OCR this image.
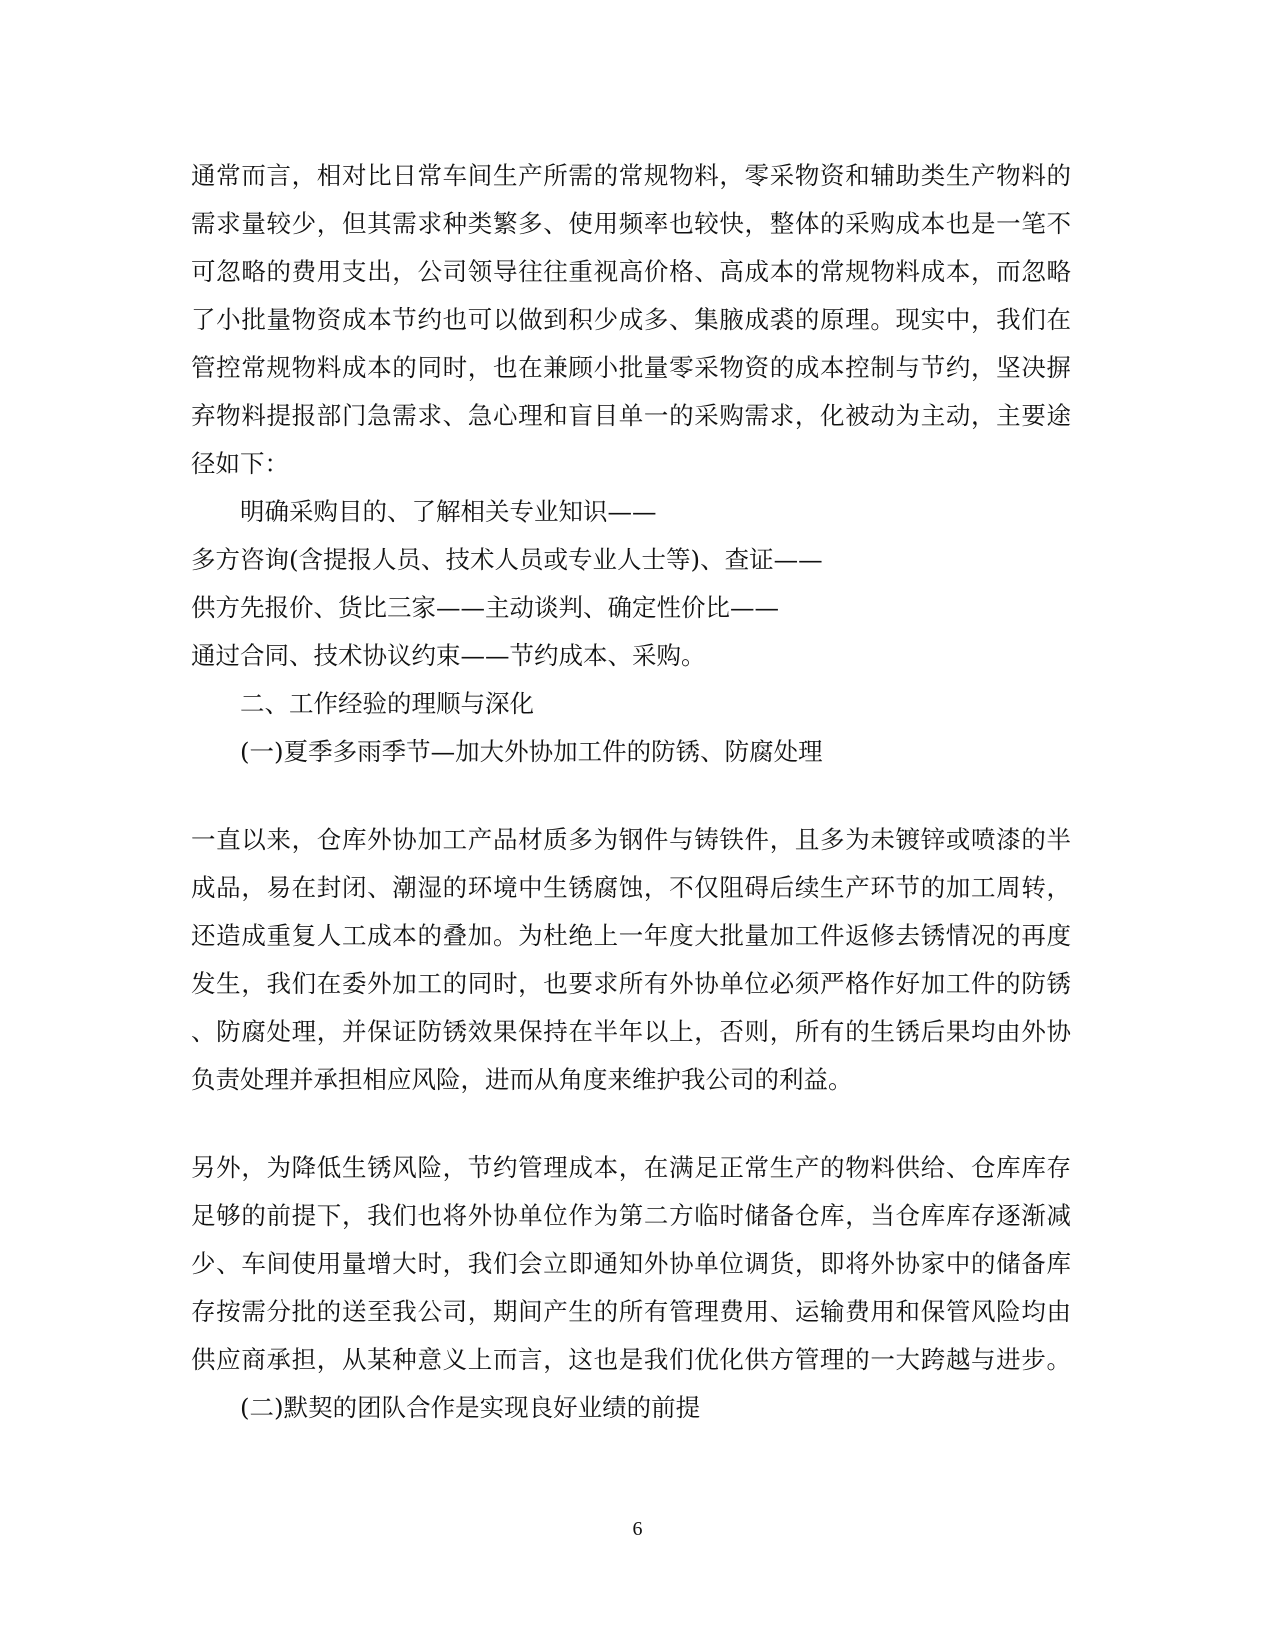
通常而言，相对比日常车间生产所需的常规物料，零采物资和辅助类生产物料的
需求量较少，但其需求种类繁多、使用频率也较快，整体的采购成本也是一笔不
可忽略的费用支出，公司领导往往重视高价格、高成本的常规物料成本，而忽略
了小批量物资成本节约也可以做到积少成多、集腋成裘的原理。现实中，我们在
管控常规物料成本的同时，也在兼顾小批量零采物资的成本控制与节约，坚决摒
弃物料提报部门急需求、急心理和盲目单一的采购需求，化被动为主动，主要途
径如下：
明确采购目的、了解相关专业知识——
多方咨询(含提报人员、技术人员或专业人士等)、查证——
供方先报价、货比三家——主动谈判、确定性价比——
通过合同、技术协议约束——节约成本、采购。
二、工作经验的理顺与深化
(一)夏季多雨季节—加大外协加工件的防锈、防腐处理
一直以来，仓库外协加工产品材质多为钢件与铸铁件，且多为未镀锌或喷漆的半
成品，易在封闭、潮湿的环境中生锈腐蚀，不仅阻碍后续生产环节的加工周转，
还造成重复人工成本的叠加。为杜绝上一年度大批量加工件返修去锈情况的再度
发生，我们在委外加工的同时，也要求所有外协单位必须严格作好加工件的防锈
、防腐处理，并保证防锈效果保持在半年以上，否则，所有的生锈后果均由外协
负责处理并承担相应风险，进而从角度来维护我公司的利益。
另外，为降低生锈风险，节约管理成本，在满足正常生产的物料供给、仓库库存
足够的前提下，我们也将外协单位作为第二方临时储备仓库，当仓库库存逐渐减
少、车间使用量增大时，我们会立即通知外协单位调货，即将外协家中的储备库
存按需分批的送至我公司，期间产生的所有管理费用、运输费用和保管风险均由
供应商承担，从某种意义上而言，这也是我们优化供方管理的一大跨越与进步。
(二)默契的团队合作是实现良好业绩的前提
6
